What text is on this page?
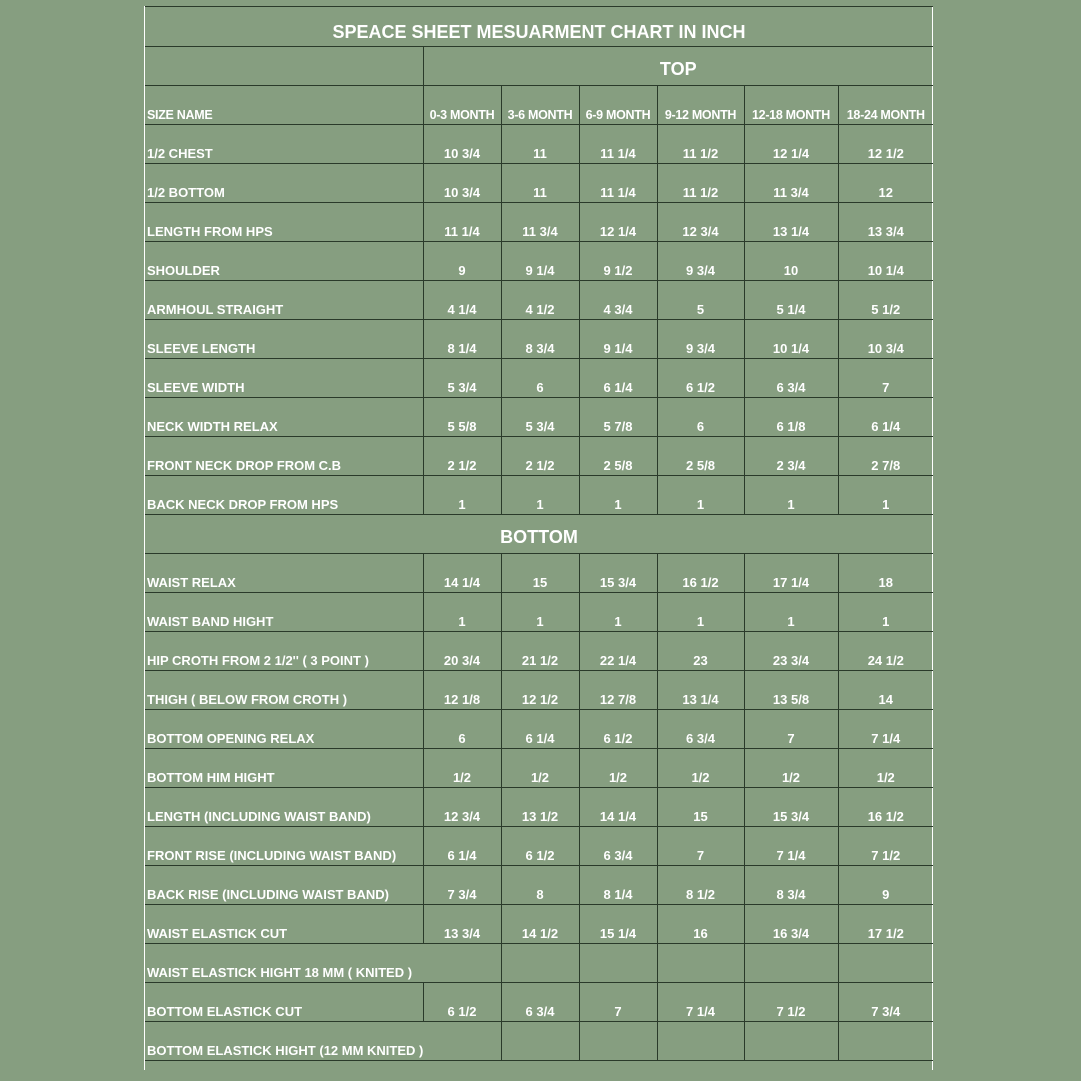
SPEACE SHEET MESUARMENT CHART IN INCH						
	TOP					
SIZE NAME	0-3 MONTH	3-6 MONTH	6-9 MONTH	9-12 MONTH	12-18 MONTH	18-24 MONTH
1/2 CHEST	10 3/4	11	11 1/4	11 1/2	12 1/4	12 1/2
1/2 BOTTOM	10 3/4	11	11 1/4	11 1/2	11 3/4	12
LENGTH FROM HPS	11 1/4	11 3/4	12 1/4	12 3/4	13 1/4	13 3/4
SHOULDER	9	9 1/4	9 1/2	9 3/4	10	10 1/4
ARMHOUL STRAIGHT	4 1/4	4 1/2	4 3/4	5	5 1/4	5 1/2
SLEEVE LENGTH	8 1/4	8 3/4	9 1/4	9 3/4	10 1/4	10 3/4
SLEEVE WIDTH	5 3/4	6	6 1/4	6 1/2	6 3/4	7
NECK WIDTH RELAX	5 5/8	5 3/4	5 7/8	6	6 1/8	6 1/4
FRONT NECK DROP FROM C.B	2 1/2	2 1/2	2 5/8	2 5/8	2 3/4	2 7/8
BACK NECK DROP FROM HPS	1	1	1	1	1	1
BOTTOM						
WAIST RELAX	14 1/4	15	15 3/4	16 1/2	17 1/4	18
WAIST BAND HIGHT	1	1	1	1	1	1
HIP CROTH FROM 2 1/2'' ( 3 POINT )	20 3/4	21 1/2	22 1/4	23	23 3/4	24 1/2
THIGH ( BELOW FROM CROTH )	12 1/8	12 1/2	12 7/8	13 1/4	13 5/8	14
BOTTOM OPENING RELAX	6	6 1/4	6 1/2	6 3/4	7	7 1/4
BOTTOM HIM HIGHT	1/2	1/2	1/2	1/2	1/2	1/2
LENGTH (INCLUDING WAIST BAND)	12 3/4	13 1/2	14 1/4	15	15 3/4	16 1/2
FRONT RISE (INCLUDING WAIST BAND)	6 1/4	6 1/2	6 3/4	7	7 1/4	7 1/2
BACK RISE (INCLUDING WAIST BAND)	7 3/4	8	8 1/4	8 1/2	8 3/4	9
WAIST ELASTICK CUT	13 3/4	14 1/2	15 1/4	16	16 3/4	17 1/2
WAIST ELASTICK HIGHT 18 MM ( KNITED )						
BOTTOM ELASTICK CUT	6 1/2	6 3/4	7	7 1/4	7 1/2	7 3/4
BOTTOM ELASTICK HIGHT (12 MM KNITED )						
